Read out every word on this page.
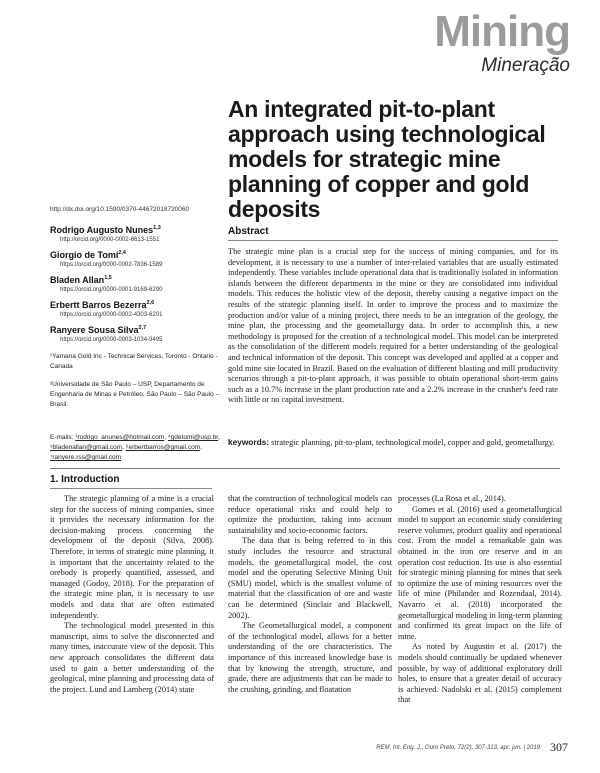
Mining
Mineração
An integrated pit-to-plant approach using technological models for strategic mine planning of copper and gold deposits
http://dx.doi.org/10.1590/0370-44672018720060
Rodrigo Augusto Nunes$^{1,3}$
http://orcid.org/0000-0002-6613-1551
Giorgio de Tomi$^{2,4}$
https://orcid.org/0000-0002-7836-1589
Bladen Allan$^{1,5}$
https://orcid.org/0000-0001-9169-6290
Erbertt Barros Bezerra$^{2,6}$
https://orcid.org/0000-0002-4303-6201
Ranyere Sousa Silva$^{2,7}$
https://orcid.org/0000-0003-1034-9495
¹Yamana Gold Inc - Technical Services, Toronto - Ontario - Canada
²Universidade de São Paulo – USP, Departamento de Engenharia de Minas e Petróleo, São Paulo – São Paulo – Brasil.
E-mails: ³rodrigo_anunes@hotmail.com, ⁴gdetomi@usp.br, ⁵bladenallan@gmail.com, ⁶erbertbarros@gmail.com, ⁷ranyere.rss@gmail.com
Abstract
The strategic mine plan is a crucial step for the success of mining companies, and for its development, it is necessary to use a number of inter-related variables that are usually estimated independently. These variables include operational data that is traditionally isolated in information islands between the different departments in the mine or they are consolidated into individual models. This reduces the holistic view of the deposit, thereby causing a negative impact on the results of the strategic planning itself. In order to improve the process and to maximize the production and/or value of a mining project, there needs to be an integration of the geology, the mine plan, the processing and the geometallurgy data. In order to accomplish this, a new methodology is proposed for the creation of a technological model. This model can be interpreted as the consolidation of the different models required for a better understanding of the geological and technical information of the deposit. This concept was developed and applied at a copper and gold mine site located in Brazil. Based on the evaluation of different blasting and mill productivity scenarios through a pit-to-plant approach, it was possible to obtain operational short-term gains such as a 10.7% increase in the plant production rate and a 2.2% increase in the crusher's feed rate with little or no capital investment.
keywords: strategic planning, pit-to-plant, technological model, copper and gold, geometallurgy.
1. Introduction

The strategic planning of a mine is a crucial step for the success of mining companies, since it provides the necessary information for the decision-making process concerning the development of the deposit (Silva, 2008). Therefore, in terms of strategic mine planning, it is important that the uncertainty related to the orebody is properly quantified, assessed, and managed (Godoy, 2018). For the preparation of the strategic mine plan, it is necessary to use models and data that are often estimated independently.

The technological model presented in this manuscript, aims to solve the disconnected and many times, inaccurate view of the deposit. This new approach consolidates the different data used to gain a better understanding of the geological, mine planning and processing data of the project. Lund and Lamberg (2014) state

that the construction of technological models can reduce operational risks and could help to optimize the production, taking into account sustainability and socio-economic factors.

The data that is being referred to in this study includes the resource and structural models, the geometallurgical model, the cost model and the operating Selective Mining Unit (SMU) model, which is the smallest volume of material that the classification of ore and waste can be determined (Sinclair and Blackwell, 2002).

The Geometallurgical model, a component of the technological model, allows for a better understanding of the ore characteristics. The importance of this increased knowledge base is that by knowing the strength, structure, and grade, there are adjustments that can be made to the crushing, grinding, and floatation

processes (La Rosa et al., 2014).

Gomes et al. (2016) used a geometallurgical model to support an economic study considering reserve volumes, product quality and operational cost. From the model a remarkable gain was obtained in the iron ore reserve and in an operation cost reduction. Its use is also essential for strategic mining planning for mines that seek to optimize the use of mining resources over the life of mine (Philander and Rozendaal, 2014). Navarro et al. (2018) incorporated the geometallurgical modeling in long-term planning and confirmed its great impact on the life of mine.

As noted by Augustin et al. (2017) the models should continually be updated whenever possible, by way of additional exploratory drill holes, to ensure that a greater detail of accuracy is achieved. Nadolski et al. (2015) complement that

REM, Int. Eng. J., Ouro Preto, 72(2), 307-313, apr. jun. | 2019 307
